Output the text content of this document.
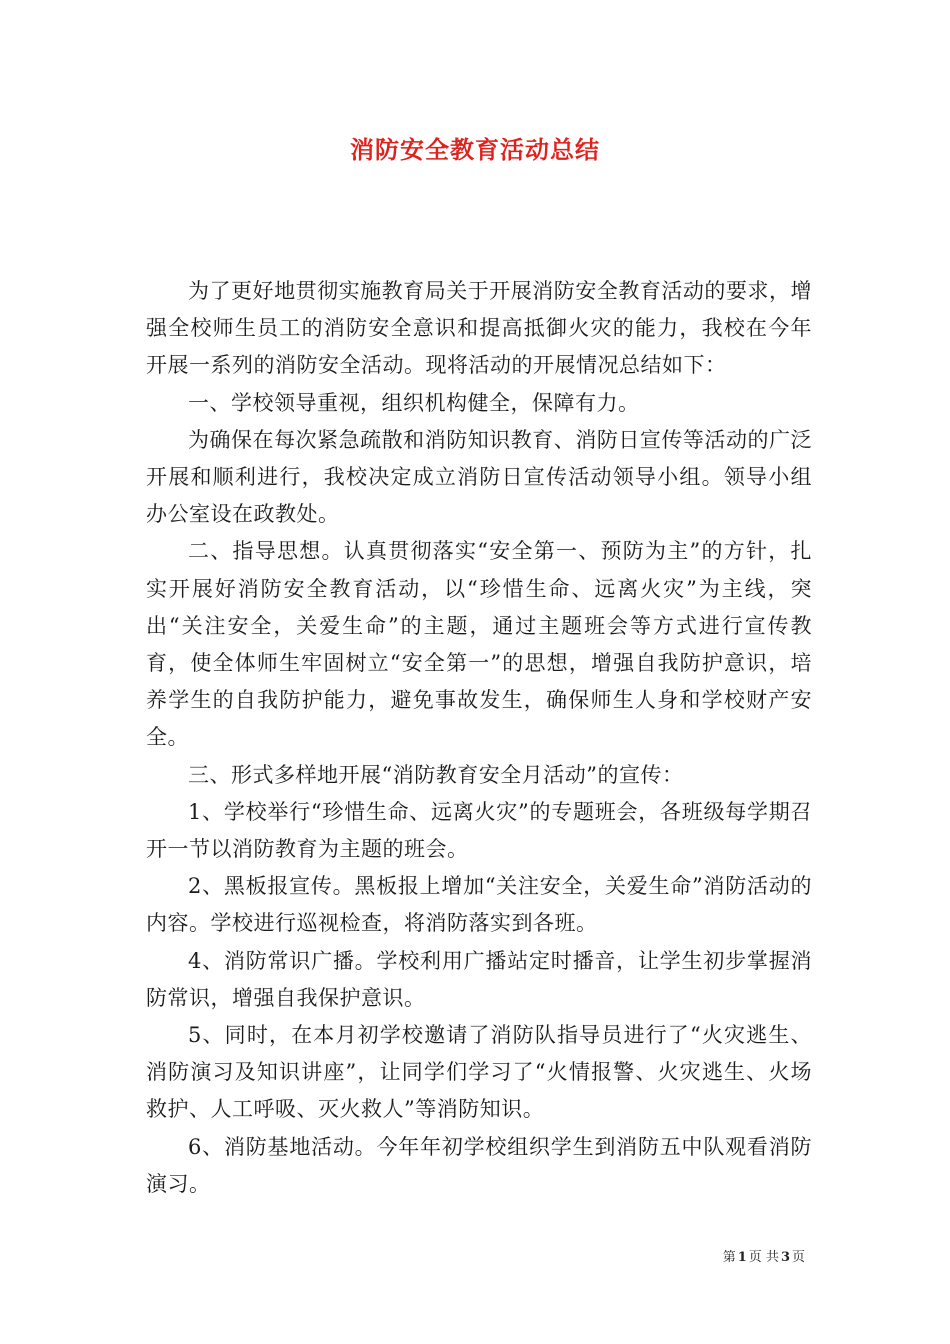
消防安全教育活动总结

为了更好地贯彻实施教育局关于开展消防安全教育活动的要求，增强全校师生员工的消防安全意识和提高抵御火灾的能力，我校在今年开展一系列的消防安全活动。现将活动的开展情况总结如下：

一、学校领导重视，组织机构健全，保障有力。

为确保在每次紧急疏散和消防知识教育、消防日宣传等活动的广泛开展和顺利进行，我校决定成立消防日宣传活动领导小组。领导小组办公室设在政教处。

二、指导思想。认真贯彻落实“安全第一、预防为主”的方针，扎实开展好消防安全教育活动，以“珍惜生命、远离火灾”为主线，突出“关注安全，关爱生命”的主题，通过主题班会等方式进行宣传教育，使全体师生牢固树立“安全第一”的思想，增强自我防护意识，培养学生的自我防护能力，避免事故发生，确保师生人身和学校财产安全。

三、形式多样地开展“消防教育安全月活动”的宣传：

1、学校举行“珍惜生命、远离火灾”的专题班会，各班级每学期召开一节以消防教育为主题的班会。

2、黑板报宣传。黑板报上增加“关注安全，关爱生命”消防活动的内容。学校进行巡视检查，将消防落实到各班。

4、消防常识广播。学校利用广播站定时播音，让学生初步掌握消防常识，增强自我保护意识。

5、同时，在本月初学校邀请了消防队指导员进行了“火灾逃生、消防演习及知识讲座”，让同学们学习了“火情报警、火灾逃生、火场救护、人工呼吸、灭火救人”等消防知识。

6、消防基地活动。今年年初学校组织学生到消防五中队观看消防演习。

第 1 页 共 3 页
